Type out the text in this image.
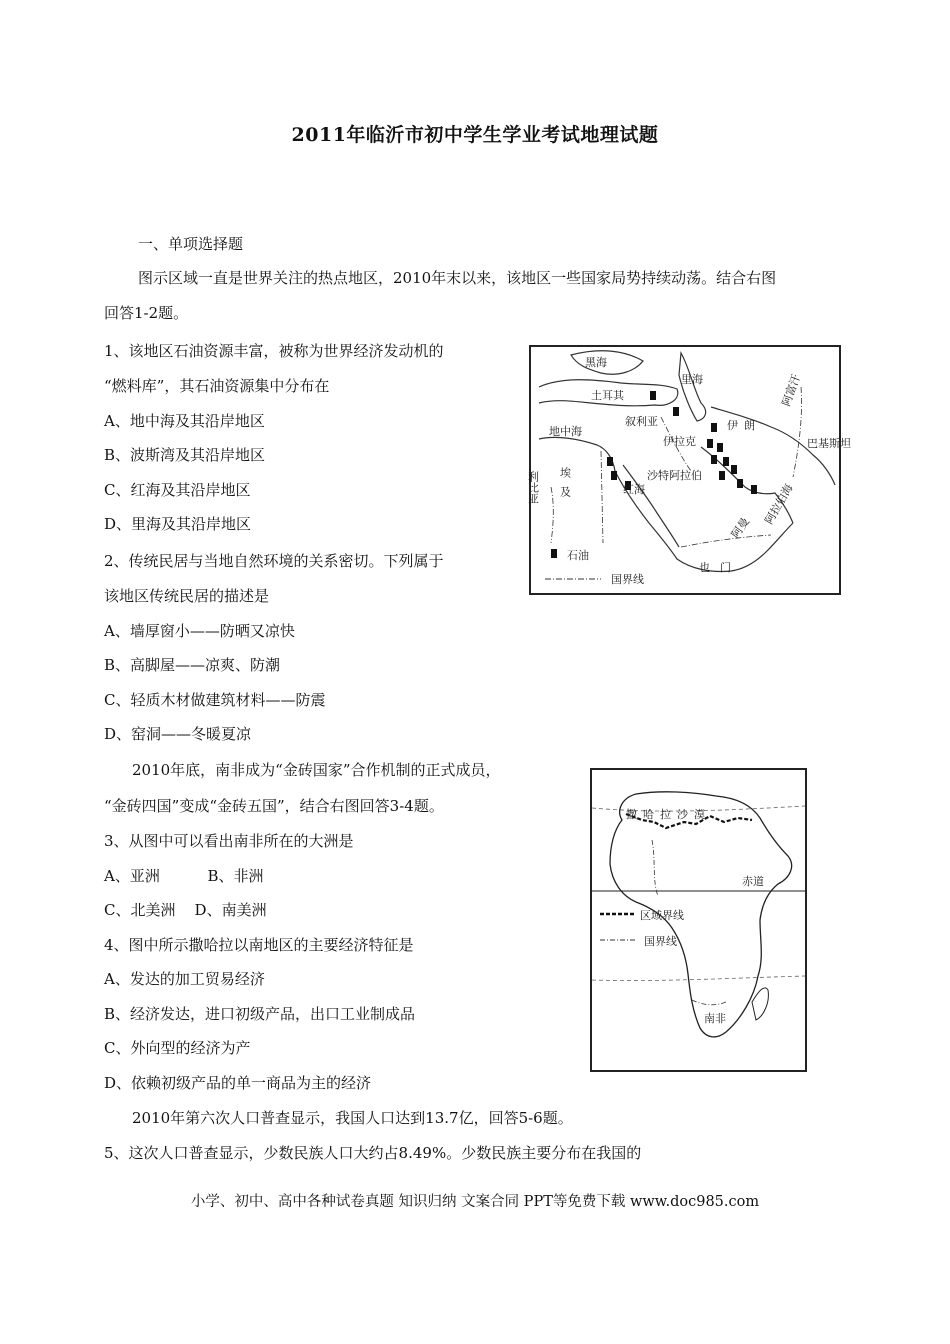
2011年临沂市初中学生学业考试地理试题
一、单项选择题
图示区域一直是世界关注的热点地区，2010年末以来，该地区一些国家局势持续动荡。结合右图
回答1-2题。
1、该地区石油资源丰富，被称为世界经济发动机的
“燃料库”，其石油资源集中分布在
A、地中海及其沿岸地区
B、波斯湾及其沿岸地区
C、红海及其沿岸地区
D、里海及其沿岸地区
2、传统民居与当地自然环境的关系密切。下列属于
该地区传统民居的描述是
A、墙厚窗小——防晒又凉快
B、高脚屋——凉爽、防潮
C、轻质木材做建筑材料——防震
D、窑洞——冬暖夏凉
2010年底，南非成为“金砖国家”合作机制的正式成员，
“金砖四国”变成“金砖五国”，结合右图回答3-4题。
3、从图中可以看出南非所在的大洲是
A、亚洲          B、非洲
C、北美洲    D、南美洲
4、图中所示撒哈拉以南地区的主要经济特征是
A、发达的加工贸易经济
B、经济发达，进口初级产品，出口工业制成品
C、外向型的经济为产
D、依赖初级产品的单一商品为主的经济
2010年第六次人口普查显示，我国人口达到13.7亿，回答5-6题。
5、这次人口普查显示，少数民族人口大约占8.49%。少数民族主要分布在我国的
小学、初中、高中各种试卷真题 知识归纳 文案合同 PPT等免费下载 www.doc985.com
黑海
里海
土耳其
叙利亚
地中海
伊拉克
伊朗
阿富汗
巴基斯坦
利比亚 埃及	红海
沙特阿拉伯
阿曼
阿拉伯海
也门
石油
国界线
撒哈拉沙漠
赤道
南非
区域界线
国界线
